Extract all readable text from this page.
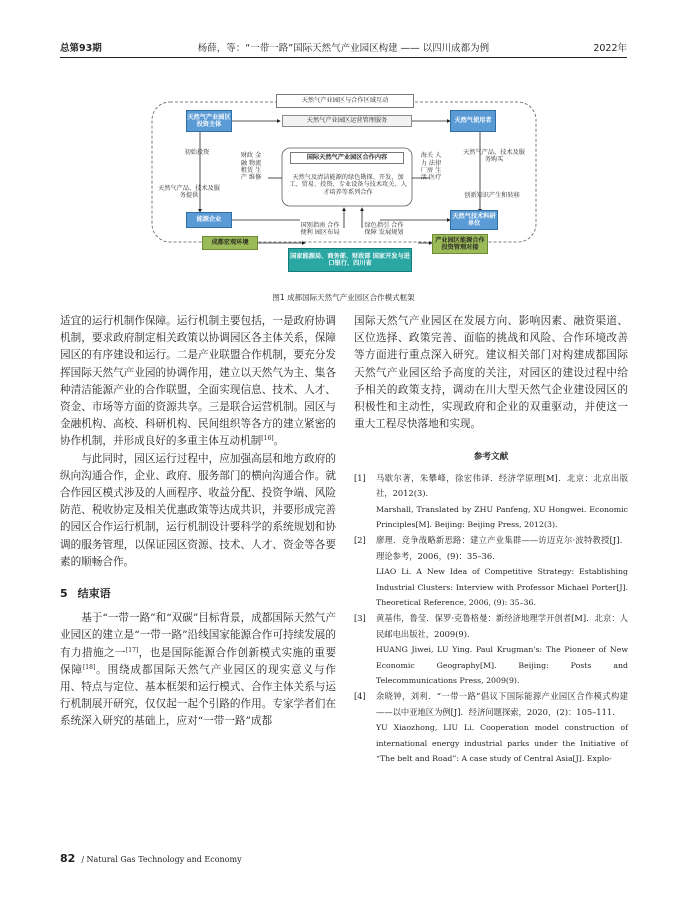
总第93期	杨薛，等：“一带一路”国际天然气产业园区构建 —— 以四川成都为例	2022年
天然气产业园区与合作区域互动
天然气产业园区投资主体
天然气产业园区运营管理服务	天然气使用者
初始投资	财政 金融 物流 租赁 生产 维修
国际天然气产业园区合作内容	海关 人力 法律 厂房 生活 医疗
天然气产品、技术及服务购买
天然气产品、技术及服务提供
天然气及清洁能源的绿色勘探、开发、加工、贸易、投资、专业设备与技术攻关、人才培养等系列合作
创新知识产生和转移
能源企业
天然气技术科研单位
国别指南 合作便利 园区布局
绿色指引 合作保障 发展规划
成都宏观环境	产业园区能源合作投资管理对接
国家能源局、商务部、财政部 国家开发与进口银行、四川省
图1 成都国际天然气产业园区合作模式框架

适宜的运行机制作保障。运行机制主要包括，一是政府协调机制，要求政府制定相关政策以协调园区各主体关系，保障园区的有序建设和运行。二是产业联盟合作机制，要充分发挥国际天然气产业园的协调作用，建立以天然气为主、集各种清洁能源产业的合作联盟，全面实现信息、技术、人才、资金、市场等方面的资源共享。三是联合运营机制。园区与金融机构、高校、科研机构、民间组织等各方的建立紧密的协作机制，并形成良好的多重主体互动机制[16]。

与此同时，园区运行过程中，应加强高层和地方政府的纵向沟通合作，企业、政府、服务部门的横向沟通合作。就合作园区模式涉及的人画程序、收益分配、投资争端、风险防范、税收协定及相关优惠政策等达成共识，并要形成完善的园区合作运行机制，运行机制设计要科学的系统规划和协调的服务管理，以保证园区资源、技术、人才、资金等各要素的顺畅合作。

5 结束语

基于“一带一路”和“双碳”目标背景，成都国际天然气产业园区的建立是“一带一路”沿线国家能源合作可持续发展的有力措施之一[17]，也是国际能源合作创新模式实施的重要保障[18]。围绕成都国际天然气产业园区的现实意义与作用、特点与定位、基本框架和运行模式、合作主体关系与运行机制展开研究，仅仅起一起个引路的作用。专家学者们在系统深入研究的基础上，应对“一带一路”成都

国际天然气产业园区在发展方向、影响因素、融资渠道、区位选择、政策完善、面临的挑战和风险、合作环境改善等方面进行重点深入研究。建议相关部门对构建成都国际天然气产业园区给予高度的关注，对园区的建设过程中给予相关的政策支持，调动在川大型天然气企业建设园区的积极性和主动性，实现政府和企业的双重驱动，并使这一重大工程尽快落地和实现。

参考文献
[1]	马歇尔著，朱攀峰，徐宏伟译．经济学原理[M]．北京：北京出版社，2012(3).
Marshall, Translated by ZHU Panfeng, XU Hongwei. Economic Principles[M]. Beijing: Beijing Press, 2012(3).
[2]	廖理．竞争战略新思路：建立产业集群——访迈克尔·波特教授[J]．理论参考，2006，(9)：35–36.
LIAO Li. A New Idea of Competitive Strategy: Establishing Industrial Clusters: Interview with Professor Michael Porter[J]. Theoretical Reference, 2006, (9): 35–36.
[3]	黄基伟，鲁莹．保罗·克鲁格曼：新经济地理学开创者[M]．北京：人民邮电出版社，2009(9).
HUANG Jiwei, LU Ying. Paul Krugman's: The Pioneer of New Economic Geography[M]. Beijing: Posts and Telecommunications Press, 2009(9).
[4]	余晓钟，刘利．“一带一路”倡议下国际能源产业园区合作模式构建——以中亚地区为例[J]．经济问题探索，2020，(2)：105–111.
YU Xiaozhong, LIU Li. Cooperation model construction of international energy industrial parks under the Initiative of “The belt and Road”: A case study of Central Asia[J]. Explo-
82 / Natural Gas Technology and Economy
